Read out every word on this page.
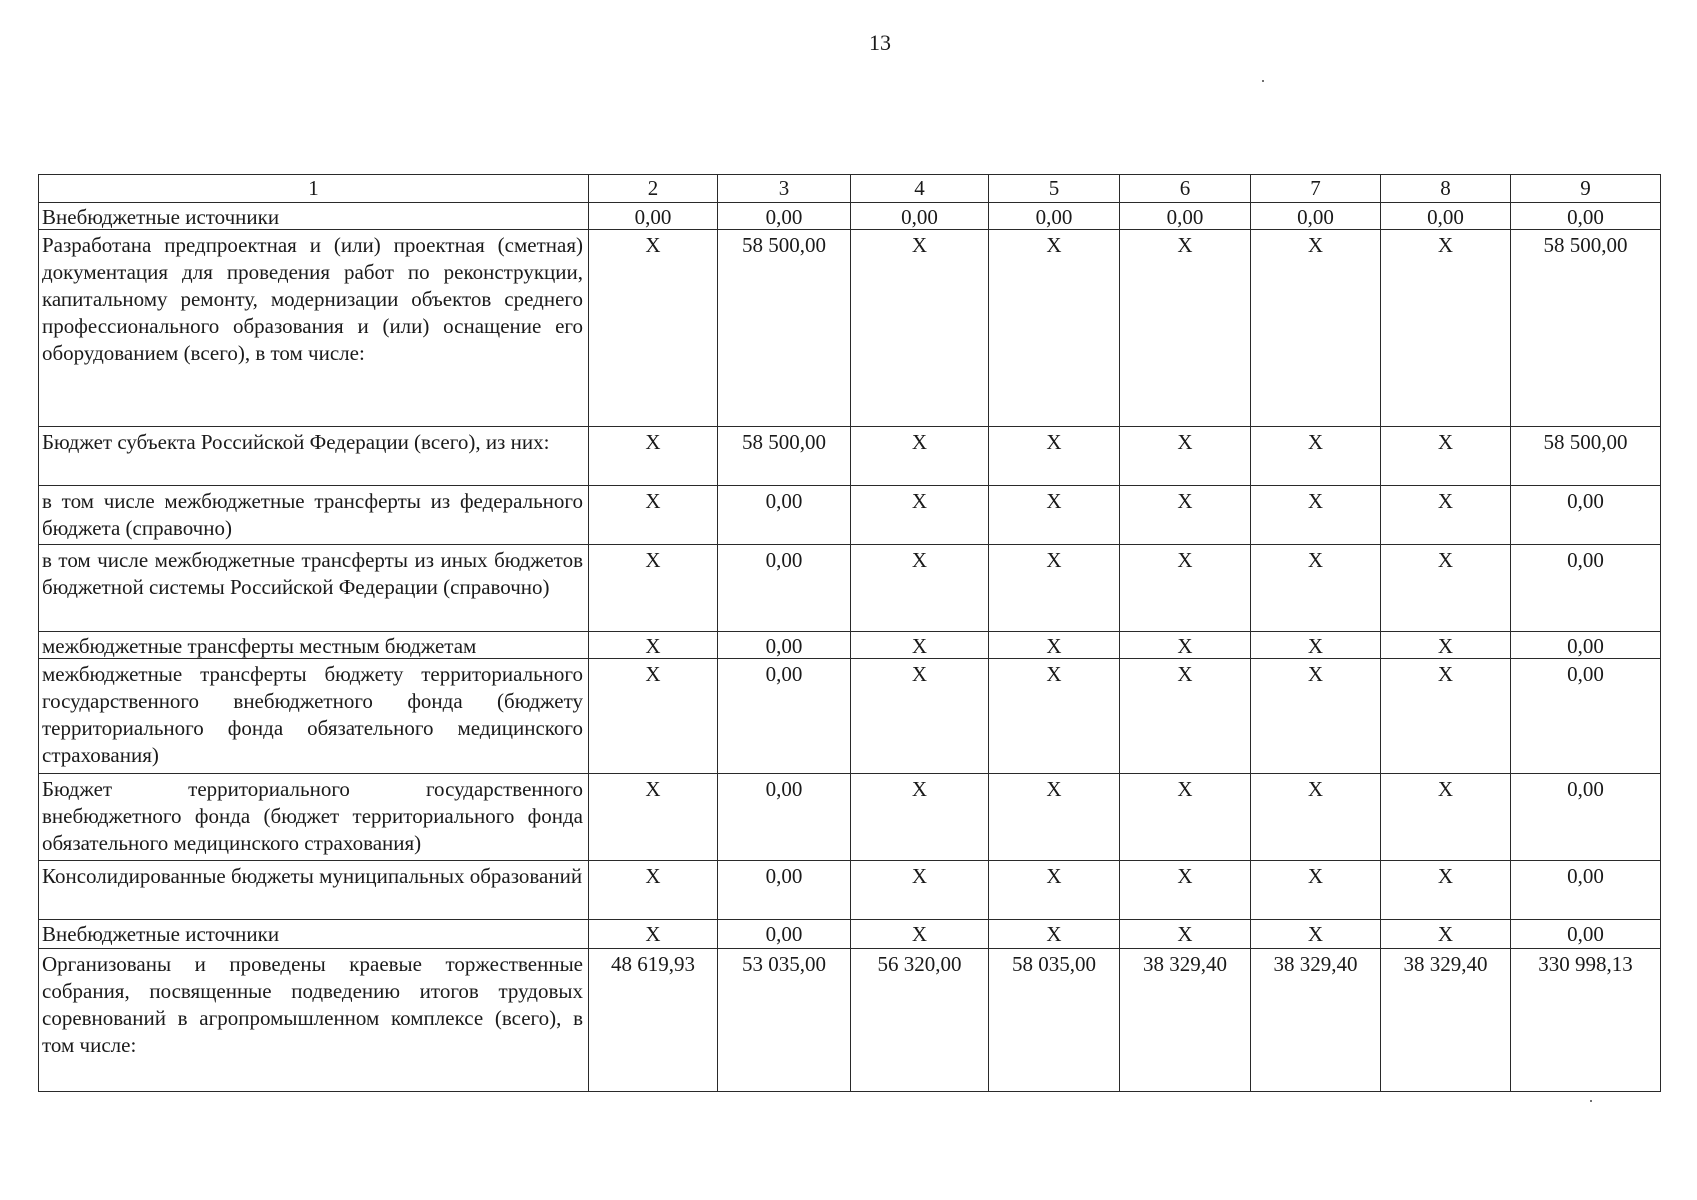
13
1	2	3	4	5	6	7	8	9
Внебюджетные источники	0,00	0,00	0,00	0,00	0,00	0,00	0,00	0,00
Разработана предпроектная и (или) проектная (сметная) документация для проведения работ по реконструкции, капитальному ремонту, модернизации объектов среднего профессионального образования и (или) оснащение его оборудованием (всего), в том числе:	X	58 500,00	X	X	X	X	X	58 500,00
Бюджет субъекта Российской Федерации (всего), из них:	X	58 500,00	X	X	X	X	X	58 500,00
в том числе межбюджетные трансферты из федерального бюджета (справочно)	X	0,00	X	X	X	X	X	0,00
в том числе межбюджетные трансферты из иных бюджетов бюджетной системы Российской Федерации (справочно)	X	0,00	X	X	X	X	X	0,00
межбюджетные трансферты местным бюджетам	X	0,00	X	X	X	X	X	0,00
межбюджетные трансферты бюджету территориального государственного внебюджетного фонда (бюджету территориального фонда обязательного медицинского страхования)	X	0,00	X	X	X	X	X	0,00
Бюджет территориального государственного внебюджетного фонда (бюджет территориального фонда обязательного медицинского страхования)	X	0,00	X	X	X	X	X	0,00
Консолидированные бюджеты муниципальных образований	X	0,00	X	X	X	X	X	0,00
Внебюджетные источники	X	0,00	X	X	X	X	X	0,00
Организованы и проведены краевые торжественные собрания, посвященные подведению итогов трудовых соревнований в агропромышленном комплексе (всего), в том числе:	48 619,93	53 035,00	56 320,00	58 035,00	38 329,40	38 329,40	38 329,40	330 998,13
